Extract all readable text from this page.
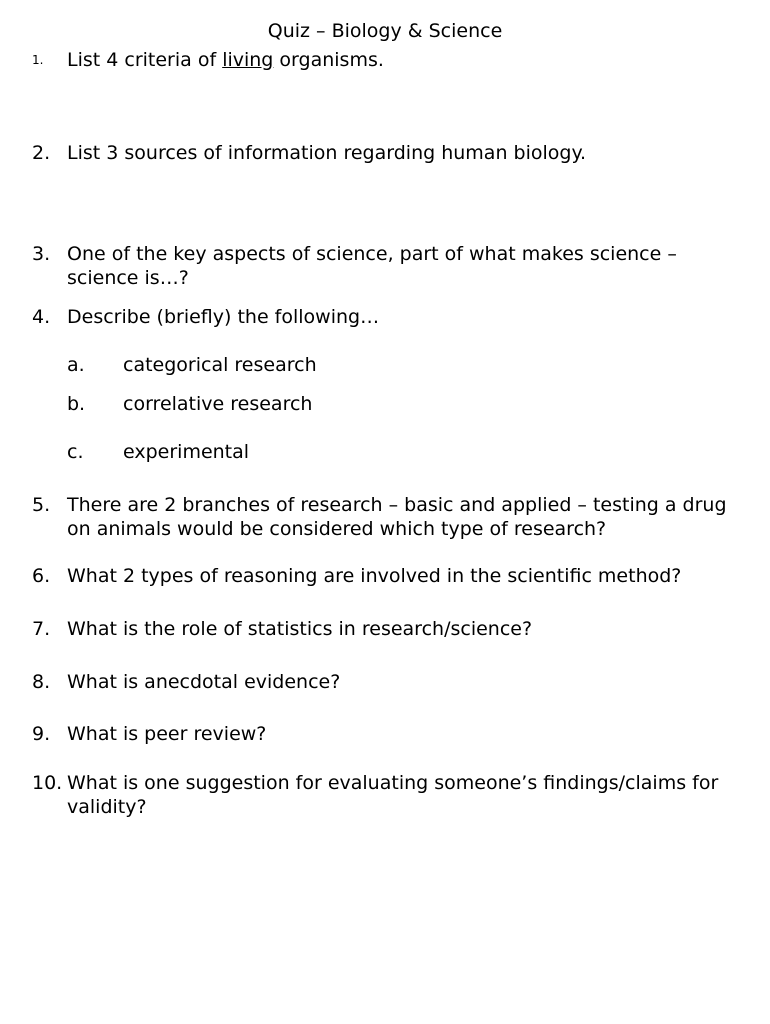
Quiz – Biology & Science
1. List 4 criteria of living organisms.
2. List 3 sources of information regarding human biology.
3. One of the key aspects of science, part of what makes science – science is…?
4. Describe (briefly) the following…
a. categorical research
b. correlative research
c. experimental
5. There are 2 branches of research – basic and applied – testing a drug on animals would be considered which type of research?
6. What 2 types of reasoning are involved in the scientific method?
7. What is the role of statistics in research/science?
8. What is anecdotal evidence?
9. What is peer review?
10. What is one suggestion for evaluating someone’s findings/claims for validity?
